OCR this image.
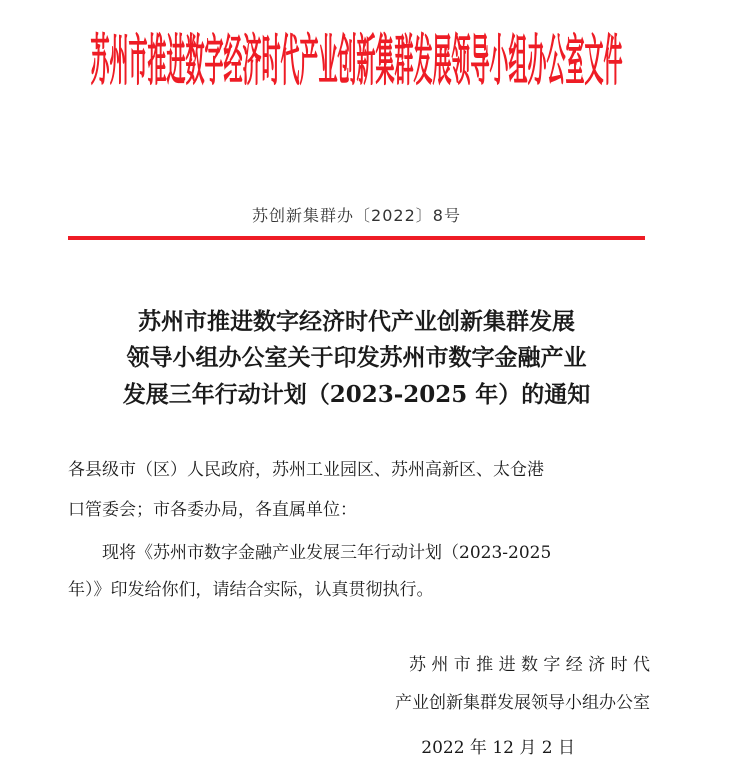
苏州市推进数字经济时代产业创新集群发展领导小组办公室文件
苏创新集群办〔2022〕8号
苏州市推进数字经济时代产业创新集群发展
领导小组办公室关于印发苏州市数字金融产业
发展三年行动计划（2023-2025 年）的通知
各县级市（区）人民政府，苏州工业园区、苏州高新区、太仓港
口管委会；市各委办局，各直属单位：
　　现将《苏州市数字金融产业发展三年行动计划（2023-2025
年）》印发给你们，请结合实际，认真贯彻执行。
苏 州 市 推 进 数 字 经 济 时 代
产业创新集群发展领导小组办公室
2022 年 12 月 2 日
